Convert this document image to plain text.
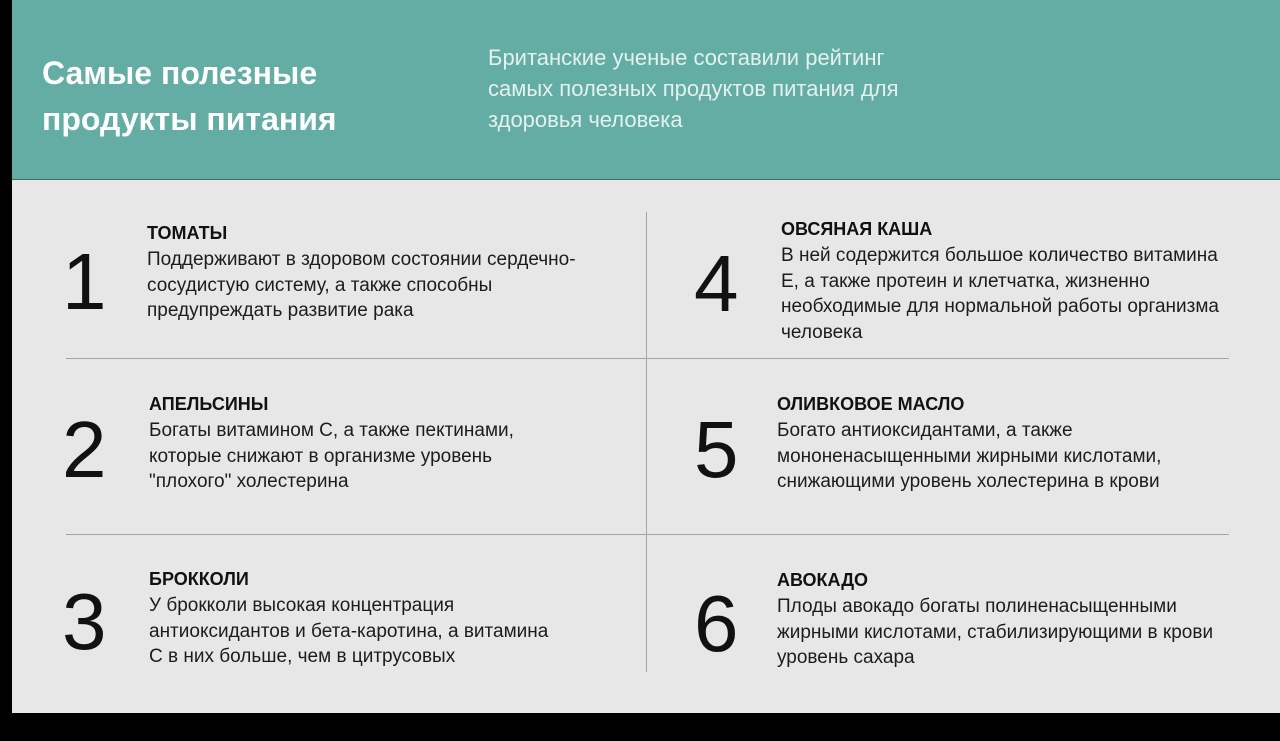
Самые полезные
продукты питания
Британские ученые составили рейтинг
самых полезных продуктов питания для
здоровья человека
1
ТОМАТЫ
Поддерживают в здоровом состоянии сердечно-
сосудистую систему, а также способны
предупреждать развитие рака
2
АПЕЛЬСИНЫ
Богаты витамином С, а также пектинами,
которые снижают в организме уровень
"плохого" холестерина
3 БРОККОЛИ
У брокколи высокая концентрация
антиоксидантов и бета-каротина, а витамина
С в них больше, чем в цитрусовых
4
ОВСЯНАЯ КАША
В ней содержится большое количество витамина
Е, а также протеин и клетчатка, жизненно
необходимые для нормальной работы организма
человека
5
ОЛИВКОВОЕ МАСЛО
Богато антиоксидантами, а также
мононенасыщенными жирными кислотами,
снижающими уровень холестерина в крови
6 АВОКАДО
Плоды авокадо богаты полиненасыщенными
жирными кислотами, стабилизирующими в крови
уровень сахара
